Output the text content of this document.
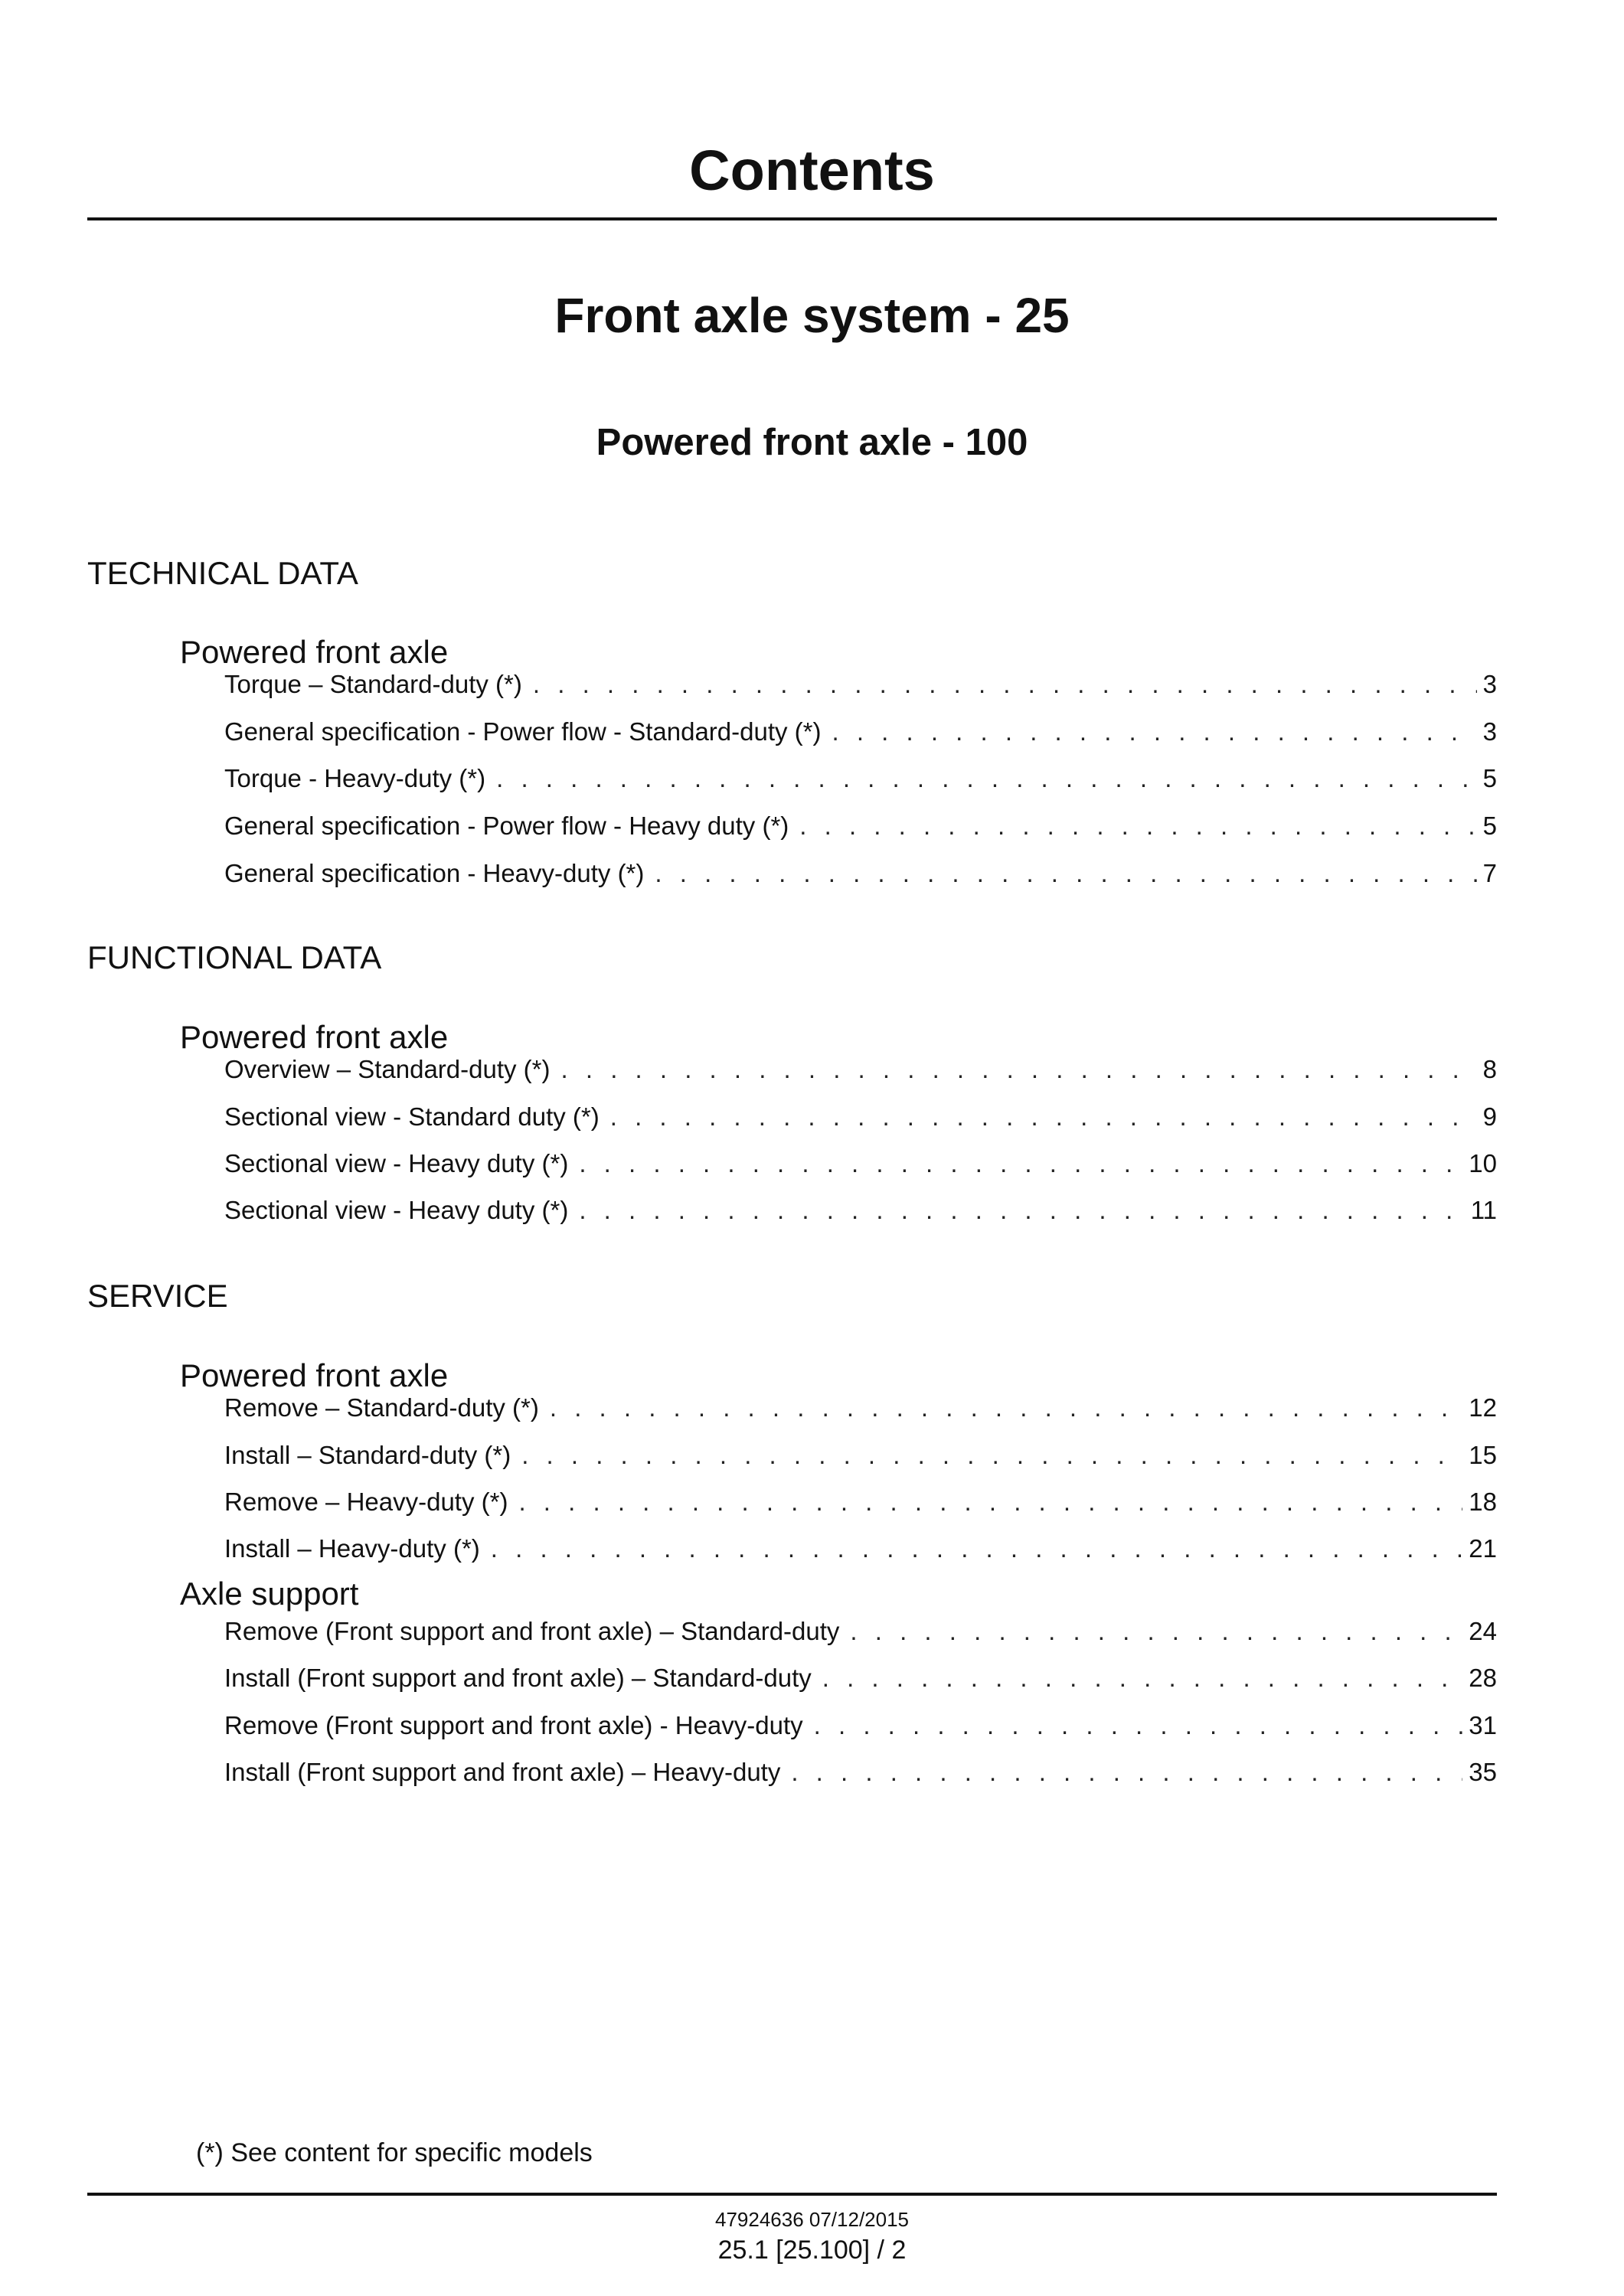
Contents
Front axle system - 25
Powered front axle - 100
TECHNICAL DATA
Powered front axle
Torque – Standard-duty (*) . . .	3
General specification - Power flow - Standard-duty (*) . . .	3
Torque - Heavy-duty (*) . . .	5
General specification - Power flow - Heavy duty (*) . . .	5
General specification - Heavy-duty (*) . . .	7
FUNCTIONAL DATA
Powered front axle
Overview – Standard-duty (*) . . .	8
Sectional view - Standard duty (*) . . .	9
Sectional view - Heavy duty (*) . . .	10
Sectional view - Heavy duty (*) . . .	11
SERVICE
Powered front axle
Remove – Standard-duty (*) . . .	12
Install – Standard-duty (*) . . .	15
Remove – Heavy-duty (*) . . .	18
Install – Heavy-duty (*) . . .	21
Axle support
Remove (Front support and front axle) – Standard-duty . . .	24
Install (Front support and front axle) – Standard-duty . . .	28
Remove (Front support and front axle) - Heavy-duty . . .	31
Install (Front support and front axle) – Heavy-duty . . .	35
(*) See content for specific models
47924636 07/12/2015
25.1 [25.100] / 2
